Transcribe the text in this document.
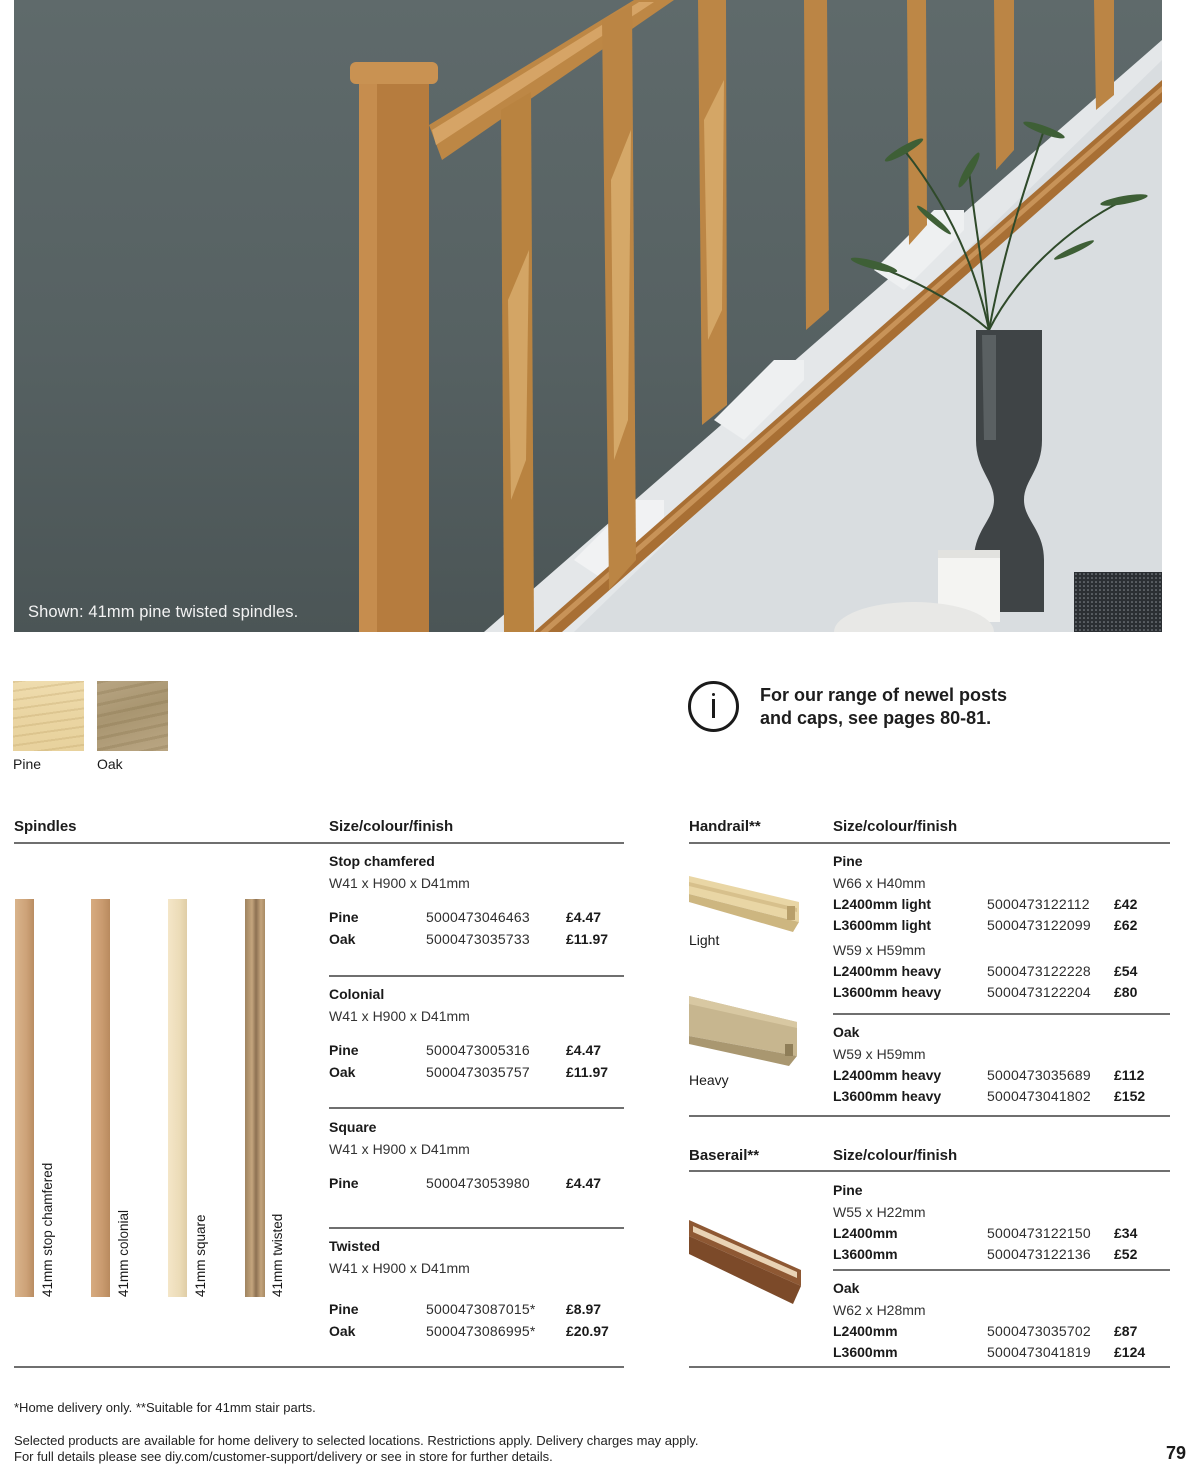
Shown: 41mm pine twisted spindles.
Pine	Oak
For our range of newel posts
and caps, see pages 80-81.
Spindles	Size/colour/finish
41mm stop chamfered	41mm colonial	41mm square	41mm twisted
Stop chamfered
W41 x H900 x D41mm
Pine	5000473046463	£4.47
Oak	5000473035733	£11.97
Colonial
W41 x H900 x D41mm
Pine	5000473005316	£4.47
Oak	5000473035757	£11.97
Square
W41 x H900 x D41mm
Pine	5000473053980	£4.47
Twisted
W41 x H900 x D41mm
Pine	5000473087015* £8.97
Oak	5000473086995* £20.97
Handrail**	Size/colour/finish
Light
Heavy
Pine
W66 x H40mm
L2400mm light	5000473122112 £42
L3600mm light	5000473122099 £62
W59 x H59mm
L2400mm heavy	5000473122228 £54
L3600mm heavy	5000473122204 £80
Oak
W59 x H59mm
L2400mm heavy	5000473035689 £112
L3600mm heavy	5000473041802 £152
Baserail**	Size/colour/finish
Pine
W55 x H22mm
L2400mm	5000473122150 £34
L3600mm	5000473122136 £52
Oak
W62 x H28mm
L2400mm	5000473035702 £87
L3600mm	5000473041819 £124
*Home delivery only. **Suitable for 41mm stair parts.
Selected products are available for home delivery to selected locations. Restrictions apply. Delivery charges may apply.
For full details please see diy.com/customer-support/delivery or see in store for further details.	79
